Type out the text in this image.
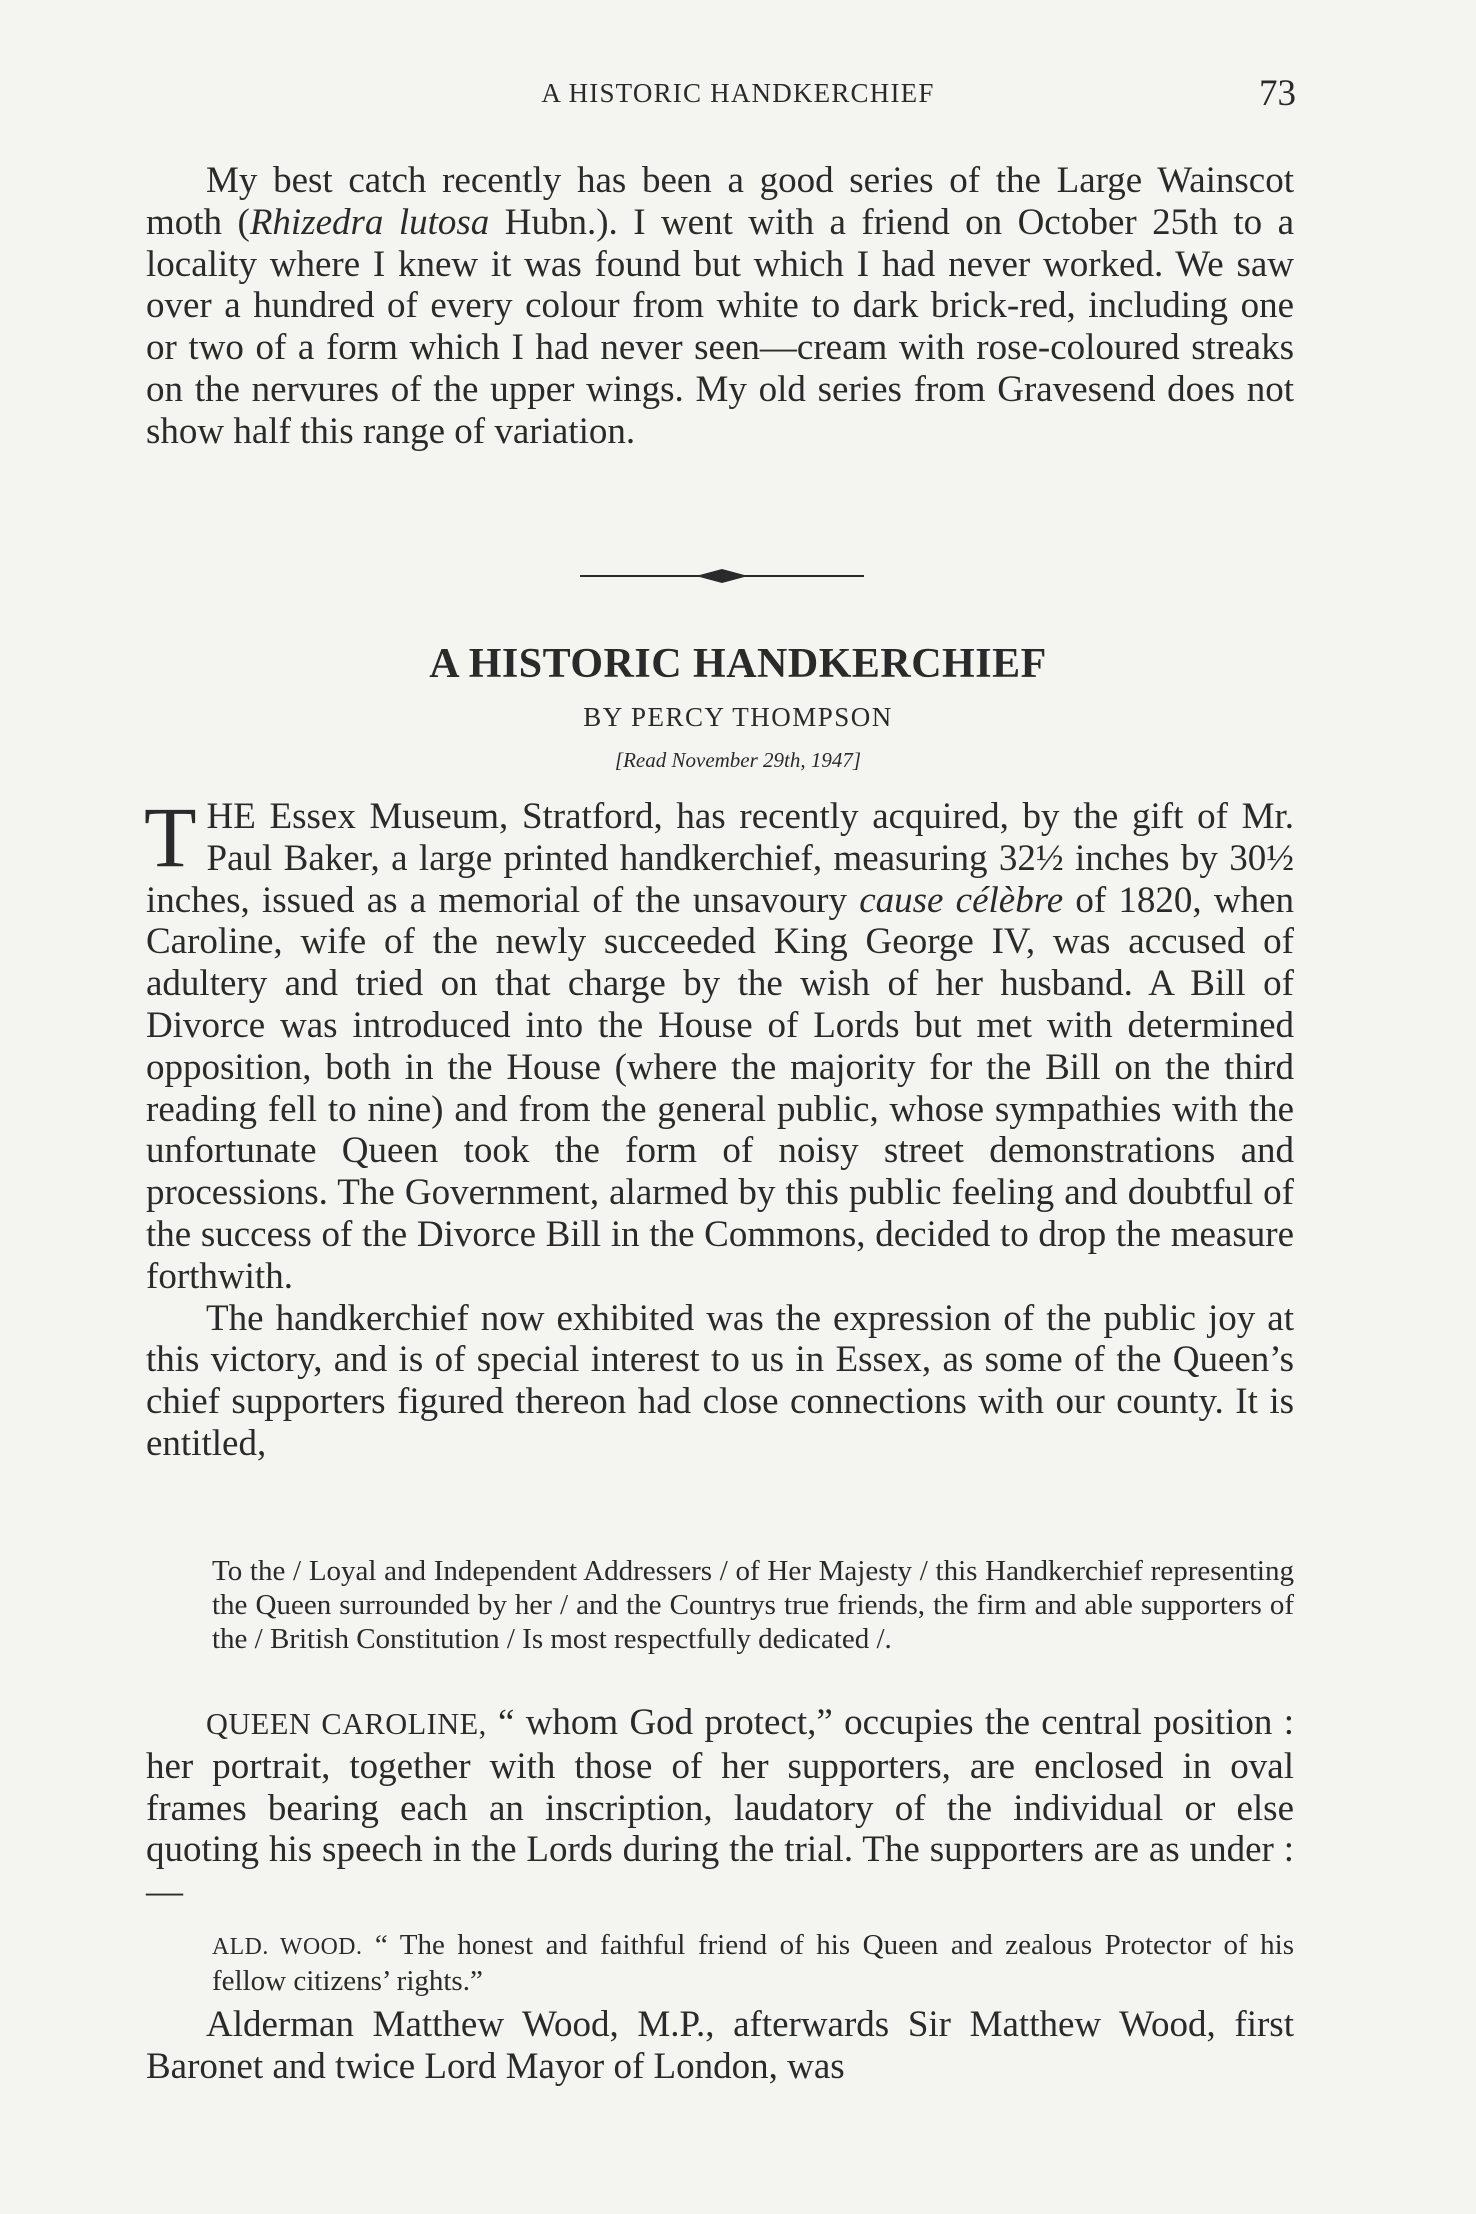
A HISTORIC HANDKERCHIEF	73

My best catch recently has been a good series of the Large Wainscot moth (Rhizedra lutosa Hubn.). I went with a friend on October 25th to a locality where I knew it was found but which I had never worked. We saw over a hundred of every colour from white to dark brick-red, including one or two of a form which I had never seen—cream with rose-coloured streaks on the nervures of the upper wings. My old series from Gravesend does not show half this range of variation.

A HISTORIC HANDKERCHIEF
BY PERCY THOMPSON
[Read November 29th, 1947]

THE Essex Museum, Stratford, has recently acquired, by the gift of Mr. Paul Baker, a large printed handkerchief, measuring 32½ inches by 30½ inches, issued as a memorial of the unsavoury cause célèbre of 1820, when Caroline, wife of the newly succeeded King George IV, was accused of adultery and tried on that charge by the wish of her husband. A Bill of Divorce was introduced into the House of Lords but met with determined opposition, both in the House (where the majority for the Bill on the third reading fell to nine) and from the general public, whose sympathies with the unfortunate Queen took the form of noisy street demonstrations and processions. The Government, alarmed by this public feeling and doubtful of the success of the Divorce Bill in the Commons, decided to drop the measure forthwith.

The handkerchief now exhibited was the expression of the public joy at this victory, and is of special interest to us in Essex, as some of the Queen’s chief supporters figured thereon had close connections with our county. It is entitled,

To the / Loyal and Independent Addressers / of Her Majesty / this Handkerchief representing the Queen surrounded by her / and the Countrys true friends, the firm and able supporters of the / British Constitution / Is most respectfully dedicated /.

QUEEN CAROLINE, “ whom God protect,” occupies the central position : her portrait, together with those of her supporters, are enclosed in oval frames bearing each an inscription, laudatory of the individual or else quoting his speech in the Lords during the trial. The supporters are as under :—

ALD. WOOD. “ The honest and faithful friend of his Queen and zealous Protector of his fellow citizens’ rights.”

Alderman Matthew Wood, M.P., afterwards Sir Matthew Wood, first Baronet and twice Lord Mayor of London, was
